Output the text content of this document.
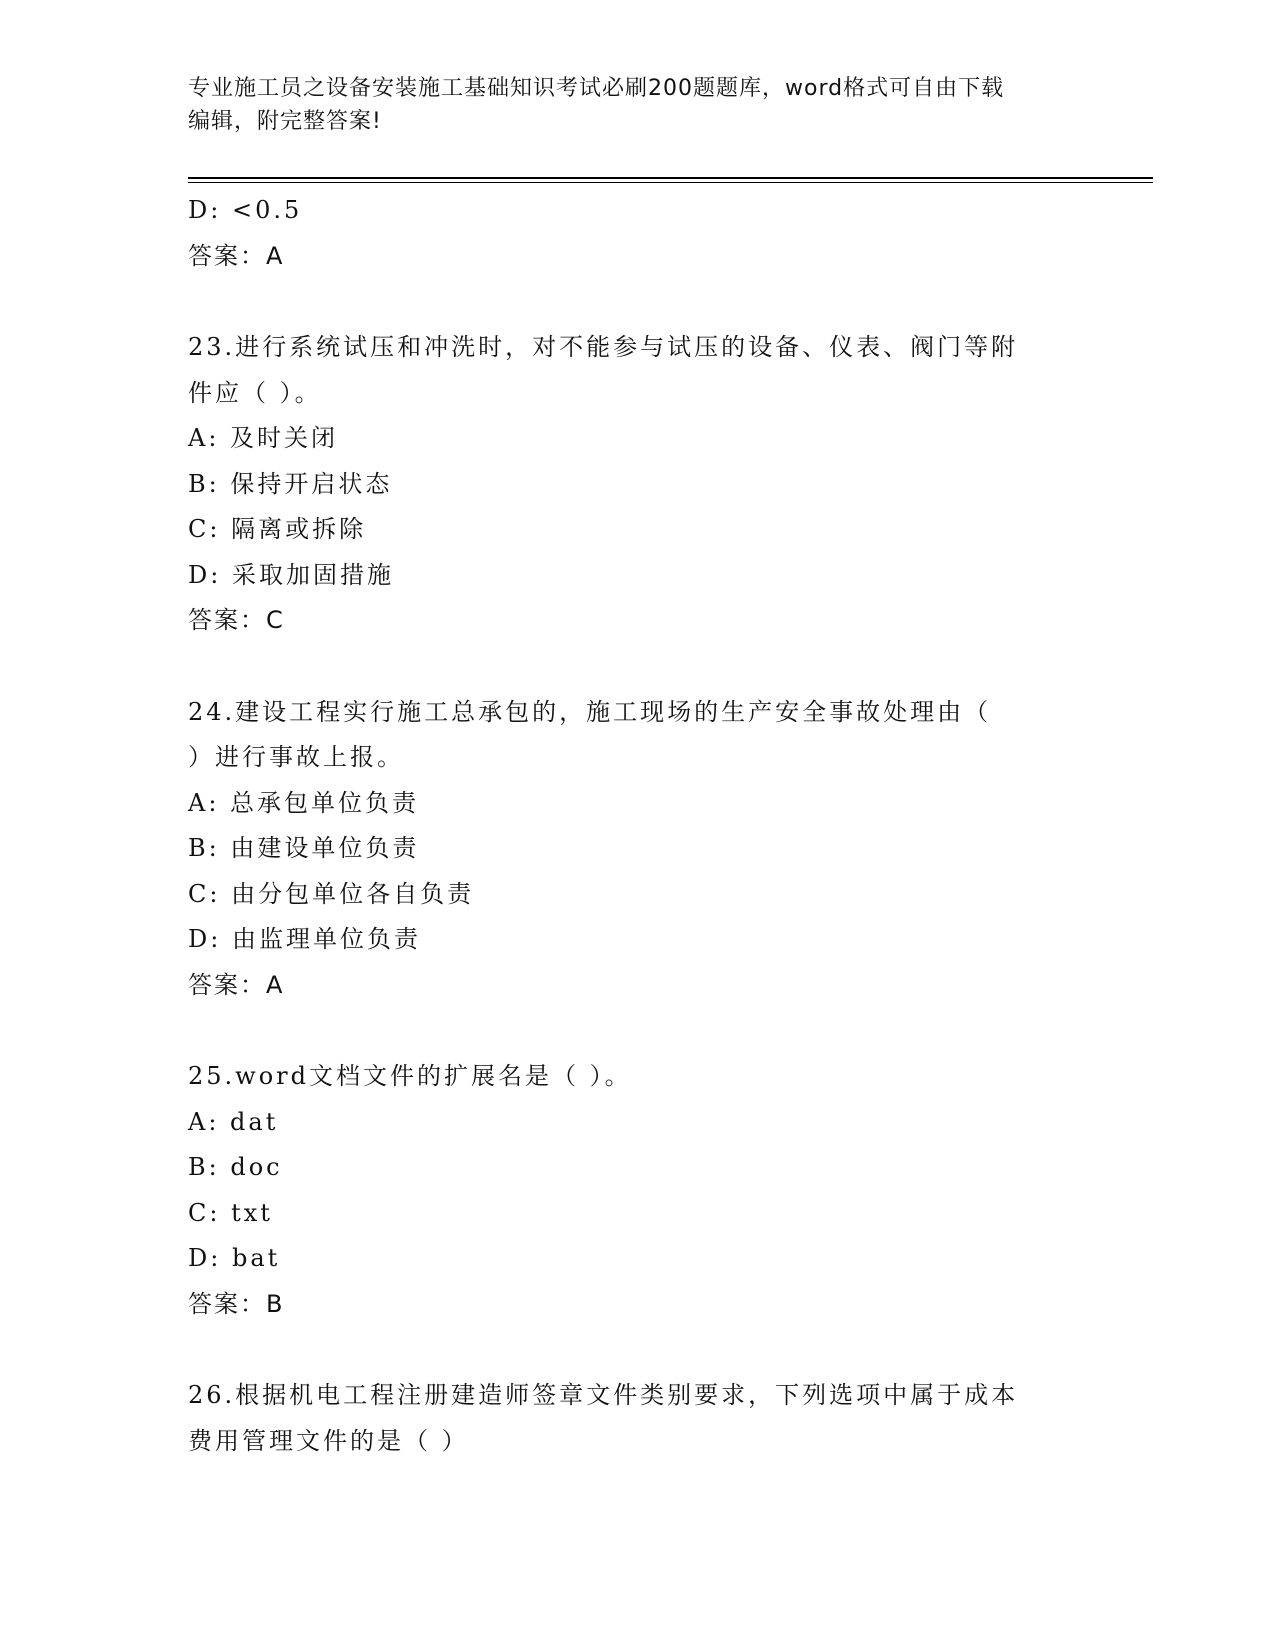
专业施工员之设备安装施工基础知识考试必刷200题题库，word格式可自由下载
编辑，附完整答案!
D: <0.5
答案：A
23.进行系统试压和冲洗时，对不能参与试压的设备、仪表、阀门等附
件应（ ）。
A: 及时关闭
B: 保持开启状态
C: 隔离或拆除
D: 采取加固措施
答案：C
24.建设工程实行施工总承包的，施工现场的生产安全事故处理由（
）进行事故上报。
A: 总承包单位负责
B: 由建设单位负责
C: 由分包单位各自负责
D: 由监理单位负责
答案：A
25.word文档文件的扩展名是（ ）。
A: dat
B: doc
C: txt
D: bat
答案：B
26.根据机电工程注册建造师签章文件类别要求，下列选项中属于成本
费用管理文件的是（ ）
